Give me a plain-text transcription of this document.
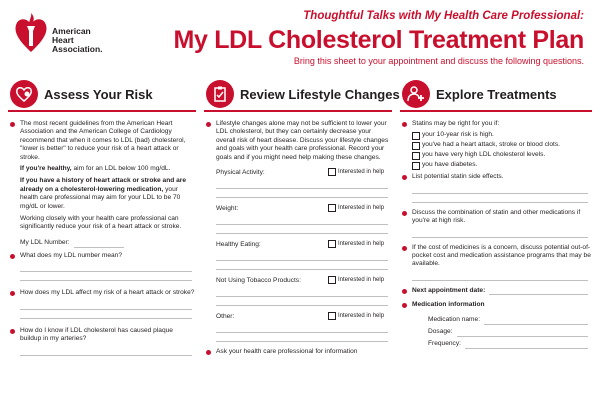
American
Heart
Association.
Thoughtful Talks with My Health Care Professional:
My LDL Cholesterol Treatment Plan
Bring this sheet to your appointment and discuss the following questions.
Assess Your Risk
The most recent guidelines from the American Heart Association and the American College of Cardiology recommend that when it comes to LDL (bad) cholesterol, "lower is better" to reduce your risk of a heart attack or stroke.
If you're healthy, aim for an LDL below 100 mg/dL.
If you have a history of heart attack or stroke and are already on a cholesterol-lowering medication, your health care professional may aim for your LDL to be 70 mg/dL or lower.
Working closely with your health care professional can significantly reduce your risk of a heart attack or stroke.
My LDL Number:
What does my LDL number mean?
How does my LDL affect my risk of a heart attack or stroke?
How do I know if LDL cholesterol has caused plaque buildup in my arteries?
Review Lifestyle Changes
Lifestyle changes alone may not be sufficient to lower your LDL cholesterol, but they can certainly decrease your overall risk of heart disease. Discuss your lifestyle changes and goals with your health care professional. Record your goals and if you might need help making these changes.
Physical Activity:	Interested in help
Weight:	Interested in help
Healthy Eating:	Interested in help
Not Using Tobacco Products:	Interested in help
Other:	Interested in help
Ask your health care professional for information
Explore Treatments
Statins may be right for you if:
your 10-year risk is high.
you've had a heart attack, stroke or blood clots.
you have very high LDL cholesterol levels.
you have diabetes.
List potential statin side effects.
Discuss the combination of statin and other medications if you're at high risk.
If the cost of medicines is a concern, discuss potential out-of-pocket cost and medication assistance programs that may be available.
Next appointment date:
Medication information
Medication name:
Dosage:
Frequency:
